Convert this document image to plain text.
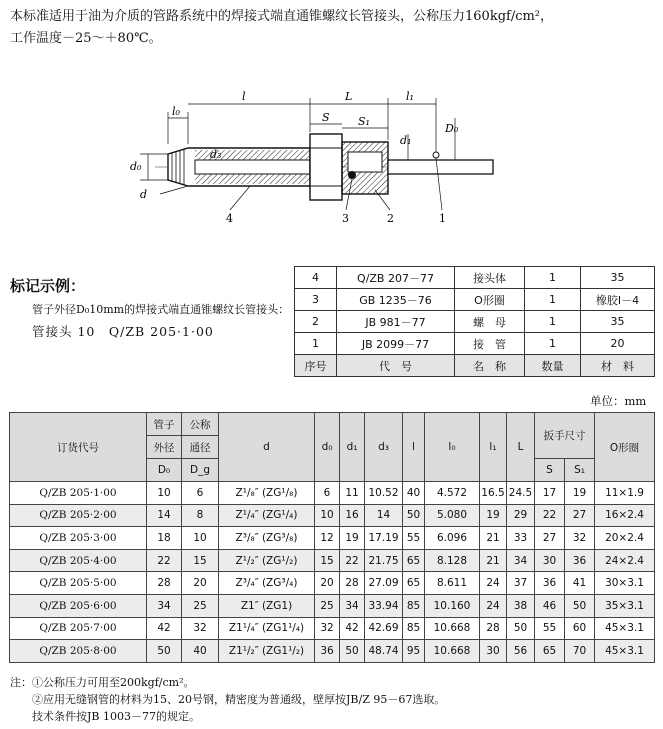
本标准适用于油为介质的管路系统中的焊接式端直通锥螺纹长管接头，公称压力160kgf/cm²，
工作温度－25～＋80℃。
l₀
l	L	l₁
S	S₁
d₁
D₀
d₀
d₃
d
4	3	2	1
标记示例：
管子外径D₀10mm的焊接式端直通锥螺纹长管接头：
管接头 10　Q/ZB 205·1·00
4	Q/ZB 207－77	接头体	1	35
3	GB 1235－76	O形圈	1	橡胶I－4
2	JB 981－77	螺　母	1	35
1	JB 2099－77	接　管	1	20
序号	代　号	名　称	数量	材　料
单位：mm
订货代号	管子	公称	d	d₀	d₁	d₃	l	l₀	l₁	L	扳手尺寸		O形圈
	外径	通径											
	D₀	D_g									S	S₁	
Q/ZB 205·1·00	10	6	Z¹/₈″ (ZG¹/₈)	6	11	10.52	40	4.572	16.5	24.5	17	19	11×1.9
Q/ZB 205·2·00	14	8	Z¹/₄″ (ZG¹/₄)	10	16	14	50	5.080	19	29	22	27	16×2.4
Q/ZB 205·3·00	18	10	Z³/₈″ (ZG³/₈)	12	19	17.19	55	6.096	21	33	27	32	20×2.4
Q/ZB 205·4·00	22	15	Z¹/₂″ (ZG¹/₂)	15	22	21.75	65	8.128	21	34	30	36	24×2.4
Q/ZB 205·5·00	28	20	Z³/₄″ (ZG³/₄)	20	28	27.09	65	8.611	24	37	36	41	30×3.1
Q/ZB 205·6·00	34	25	Z1″ (ZG1)	25	34	33.94	85	10.160	24	38	46	50	35×3.1
Q/ZB 205·7·00	42	32	Z1¹/₄″ (ZG1¹/₄)	32	42	42.69	85	10.668	28	50	55	60	45×3.1
Q/ZB 205·8·00	50	40	Z1¹/₂″ (ZG1¹/₂)	36	50	48.74	95	10.668	30	56	65	70	45×3.1
注：①公称压力可用至200kgf/cm²。
②应用无缝钢管的材料为15、20号钢，精密度为普通级，壁厚按JB/Z 95－67选取。
技术条件按JB 1003－77的规定。
